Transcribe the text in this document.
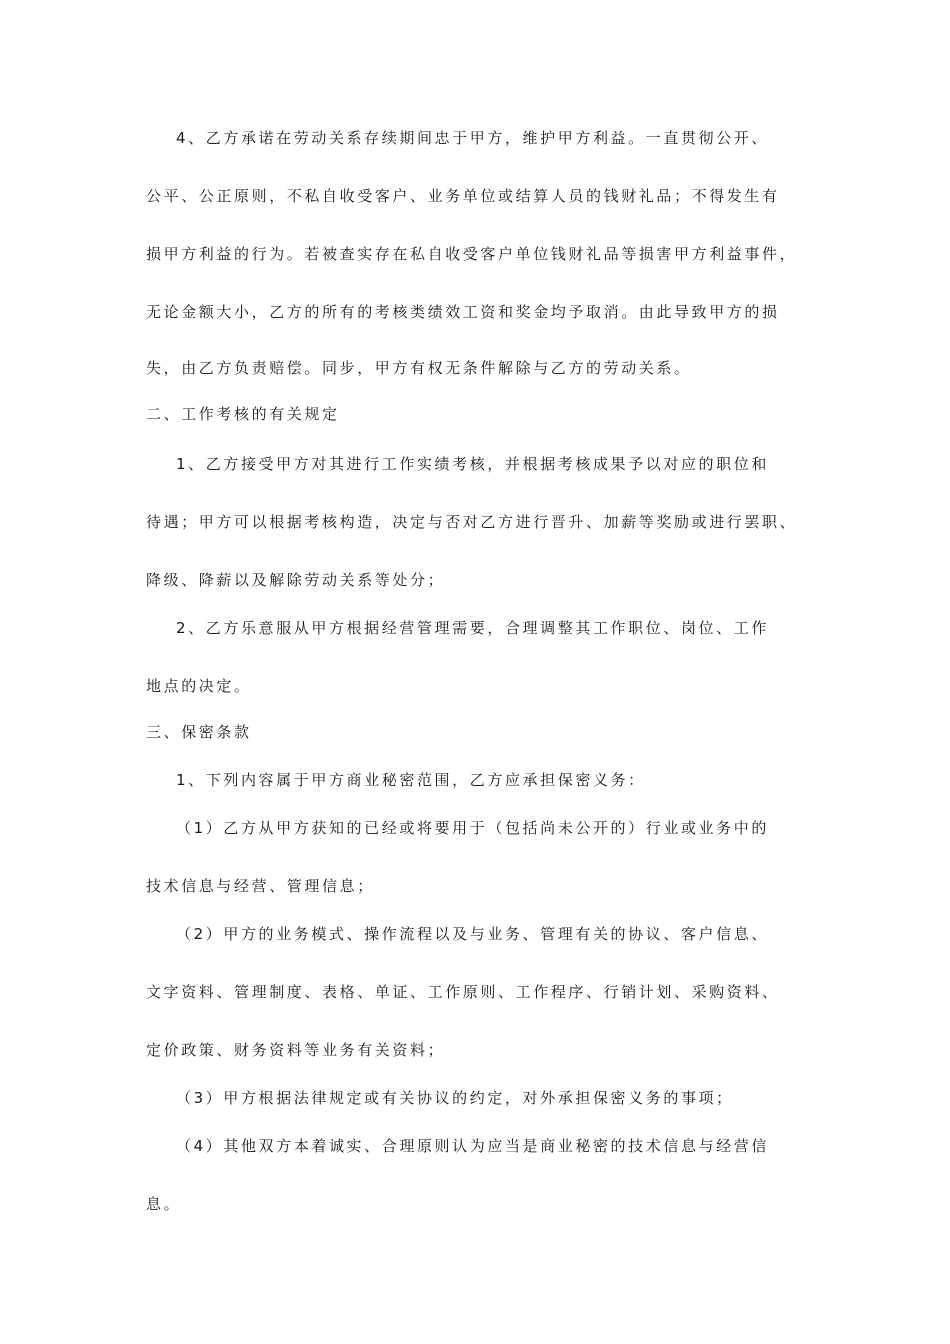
4、乙方承诺在劳动关系存续期间忠于甲方，维护甲方利益。一直贯彻公开、
公平、公正原则，不私自收受客户、业务单位或结算人员的钱财礼品；不得发生有
损甲方利益的行为。若被查实存在私自收受客户单位钱财礼品等损害甲方利益事件，
无论金额大小，乙方的所有的考核类绩效工资和奖金均予取消。由此导致甲方的损
失，由乙方负责赔偿。同步，甲方有权无条件解除与乙方的劳动关系。
二、工作考核的有关规定
1、乙方接受甲方对其进行工作实绩考核，并根据考核成果予以对应的职位和
待遇；甲方可以根据考核构造，决定与否对乙方进行晋升、加薪等奖励或进行罢职、
降级、降薪以及解除劳动关系等处分；
2、乙方乐意服从甲方根据经营管理需要，合理调整其工作职位、岗位、工作
地点的决定。
三、保密条款
1、下列内容属于甲方商业秘密范围，乙方应承担保密义务：
（1）乙方从甲方获知的已经或将要用于（包括尚未公开的）行业或业务中的
技术信息与经营、管理信息；
（2）甲方的业务模式、操作流程以及与业务、管理有关的协议、客户信息、
文字资料、管理制度、表格、单证、工作原则、工作程序、行销计划、采购资料、
定价政策、财务资料等业务有关资料；
（3）甲方根据法律规定或有关协议的约定，对外承担保密义务的事项；
（4）其他双方本着诚实、合理原则认为应当是商业秘密的技术信息与经营信
息。
